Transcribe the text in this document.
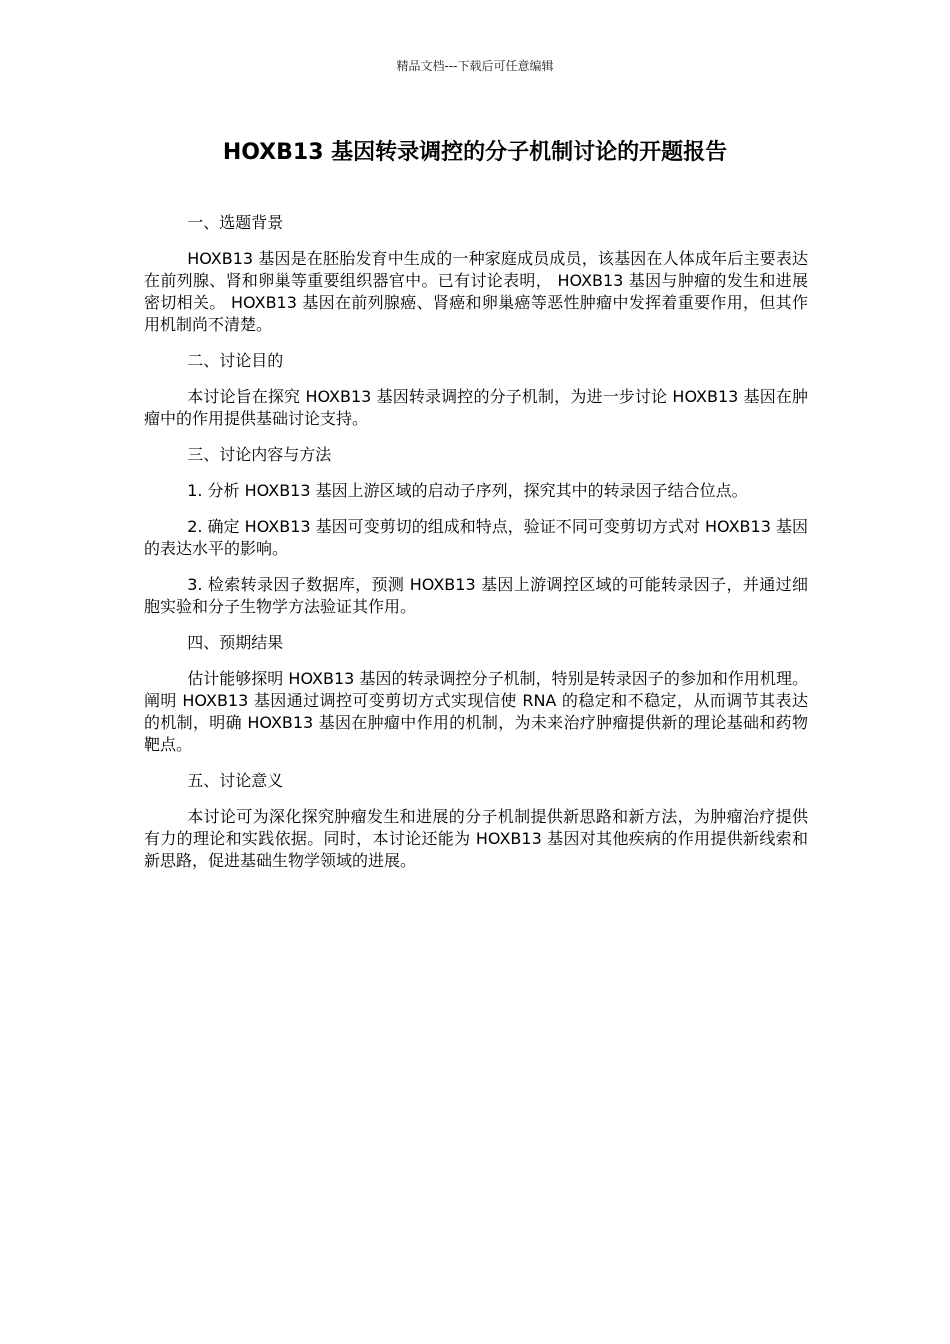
精品文档---下载后可任意编辑
HOXB13 基因转录调控的分子机制讨论的开题报告

一、选题背景

HOXB13 基因是在胚胎发育中生成的一种家庭成员成员，该基因在人体成年后主要表达在前列腺、肾和卵巢等重要组织器官中。已有讨论表明， HOXB13 基因与肿瘤的发生和进展密切相关。 HOXB13 基因在前列腺癌、肾癌和卵巢癌等恶性肿瘤中发挥着重要作用，但其作用机制尚不清楚。

二、讨论目的

本讨论旨在探究 HOXB13 基因转录调控的分子机制，为进一步讨论 HOXB13 基因在肿瘤中的作用提供基础讨论支持。

三、讨论内容与方法

1. 分析 HOXB13 基因上游区域的启动子序列，探究其中的转录因子结合位点。

2. 确定 HOXB13 基因可变剪切的组成和特点，验证不同可变剪切方式对 HOXB13 基因的表达水平的影响。

3. 检索转录因子数据库，预测 HOXB13 基因上游调控区域的可能转录因子，并通过细胞实验和分子生物学方法验证其作用。

四、预期结果

估计能够探明 HOXB13 基因的转录调控分子机制，特别是转录因子的参加和作用机理。阐明 HOXB13 基因通过调控可变剪切方式实现信使 RNA 的稳定和不稳定，从而调节其表达的机制，明确 HOXB13 基因在肿瘤中作用的机制，为未来治疗肿瘤提供新的理论基础和药物靶点。

五、讨论意义

本讨论可为深化探究肿瘤发生和进展的分子机制提供新思路和新方法，为肿瘤治疗提供有力的理论和实践依据。同时，本讨论还能为 HOXB13 基因对其他疾病的作用提供新线索和新思路，促进基础生物学领域的进展。
